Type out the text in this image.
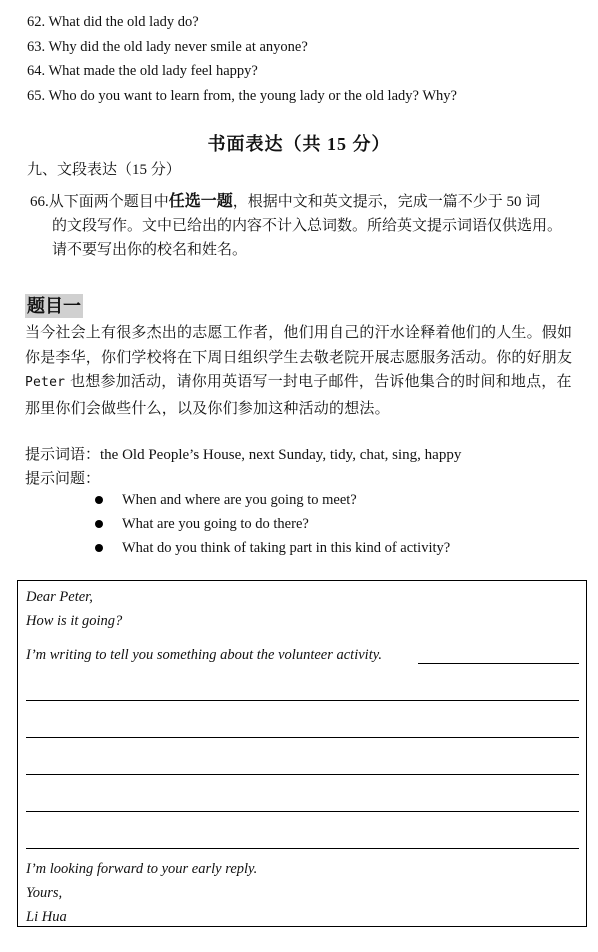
62. What did the old lady do?
63. Why did the old lady never smile at anyone?
64. What made the old lady feel happy?
65. Who do you want to learn from, the young lady or the old lady? Why?
书面表达（共 15 分）
九、文段表达（15 分）
66.从下面两个题目中任选一题，根据中文和英文提示，完成一篇不少于 50 词
的文段写作。文中已给出的内容不计入总词数。所给英文提示词语仅供选用。
请不要写出你的校名和姓名。
题目一
当今社会上有很多杰出的志愿工作者，他们用自己的汗水诠释着他们的人生。假如你是李华，你们学校将在下周日组织学生去敬老院开展志愿服务活动。你的好朋友 Peter 也想参加活动，请你用英语写一封电子邮件，告诉他集合的时间和地点，在那里你们会做些什么，以及你们参加这种活动的想法。
提示词语：the Old People’s House, next Sunday, tidy, chat, sing, happy
提示问题：
When and where are you going to meet?
What are you going to do there?
What do you think of taking part in this kind of activity?
Dear Peter,
How is it going?
I’m writing to tell you something about the volunteer activity.
I’m looking forward to your early reply.
Yours,
Li Hua
